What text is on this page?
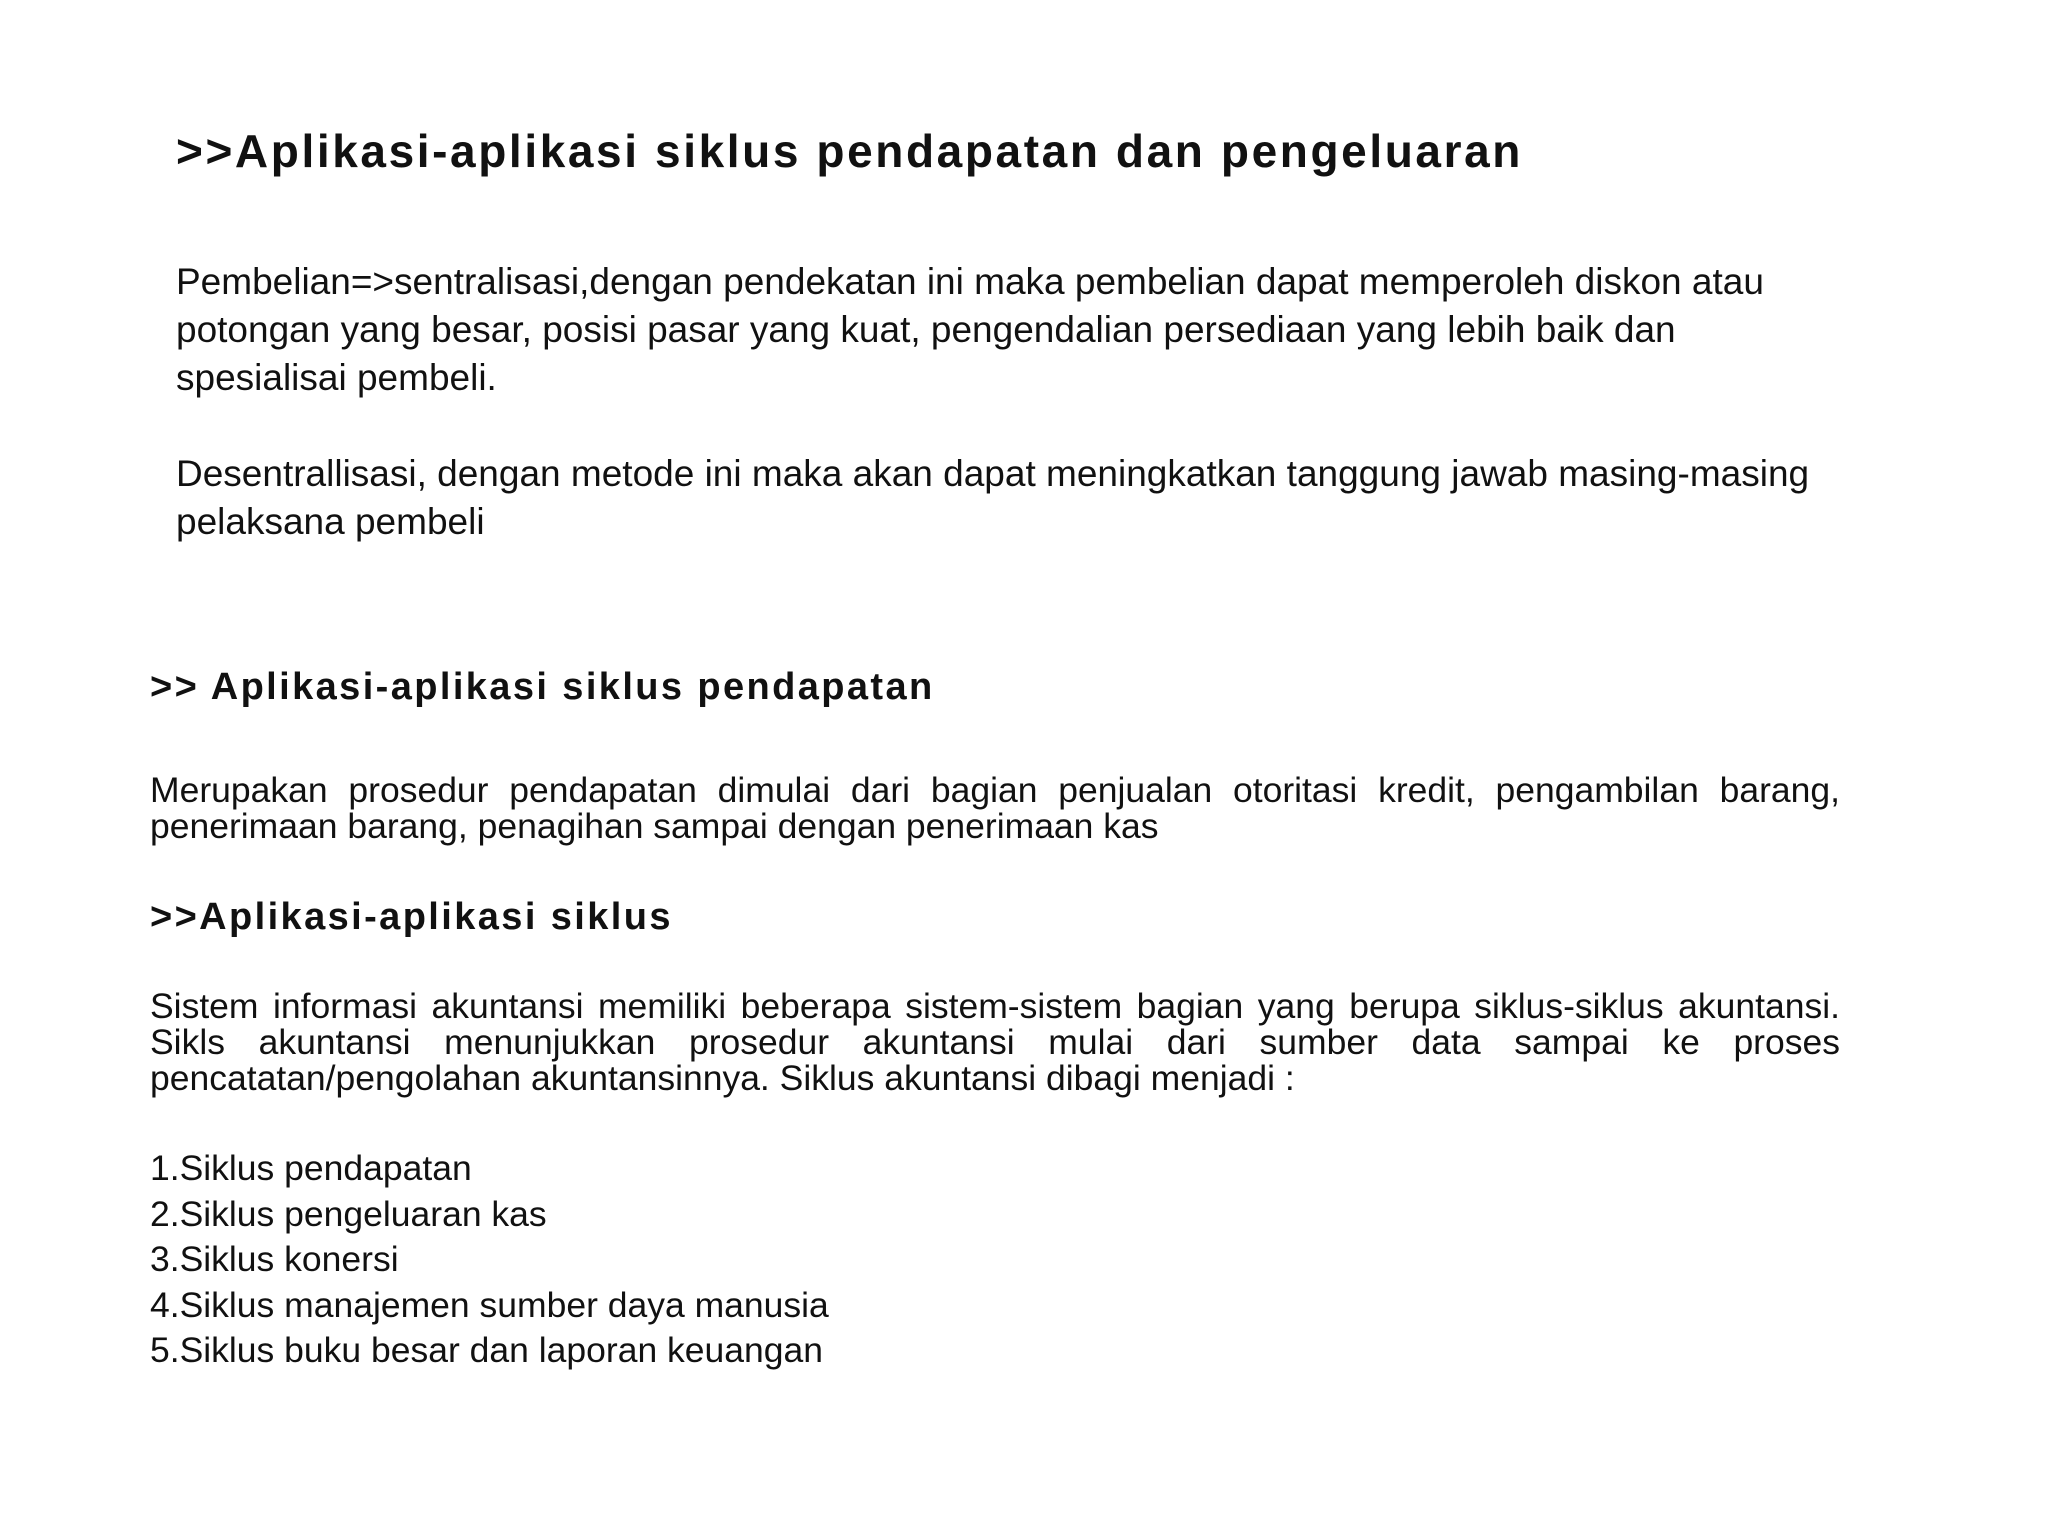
>>Aplikasi-aplikasi siklus pendapatan dan pengeluaran

Pembelian=>sentralisasi,dengan pendekatan ini maka pembelian dapat memperoleh diskon atau potongan yang besar, posisi pasar yang kuat, pengendalian persediaan yang lebih baik dan spesialisai pembeli.

Desentrallisasi, dengan metode ini maka akan dapat meningkatkan tanggung jawab masing-masing pelaksana pembeli

>> Aplikasi-aplikasi siklus pendapatan

Merupakan prosedur pendapatan dimulai dari bagian penjualan otoritasi kredit, pengambilan barang, penerimaan barang, penagihan sampai dengan penerimaan kas

>>Aplikasi-aplikasi siklus

Sistem informasi akuntansi memiliki beberapa sistem-sistem bagian yang berupa siklus-siklus akuntansi. Sikls akuntansi menunjukkan prosedur akuntansi mulai dari sumber data sampai ke proses pencatatan/pengolahan akuntansinnya. Siklus akuntansi dibagi menjadi :

1.Siklus pendapatan
2.Siklus pengeluaran kas
3.Siklus konersi
4.Siklus manajemen sumber daya manusia
5.Siklus buku besar dan laporan keuangan
